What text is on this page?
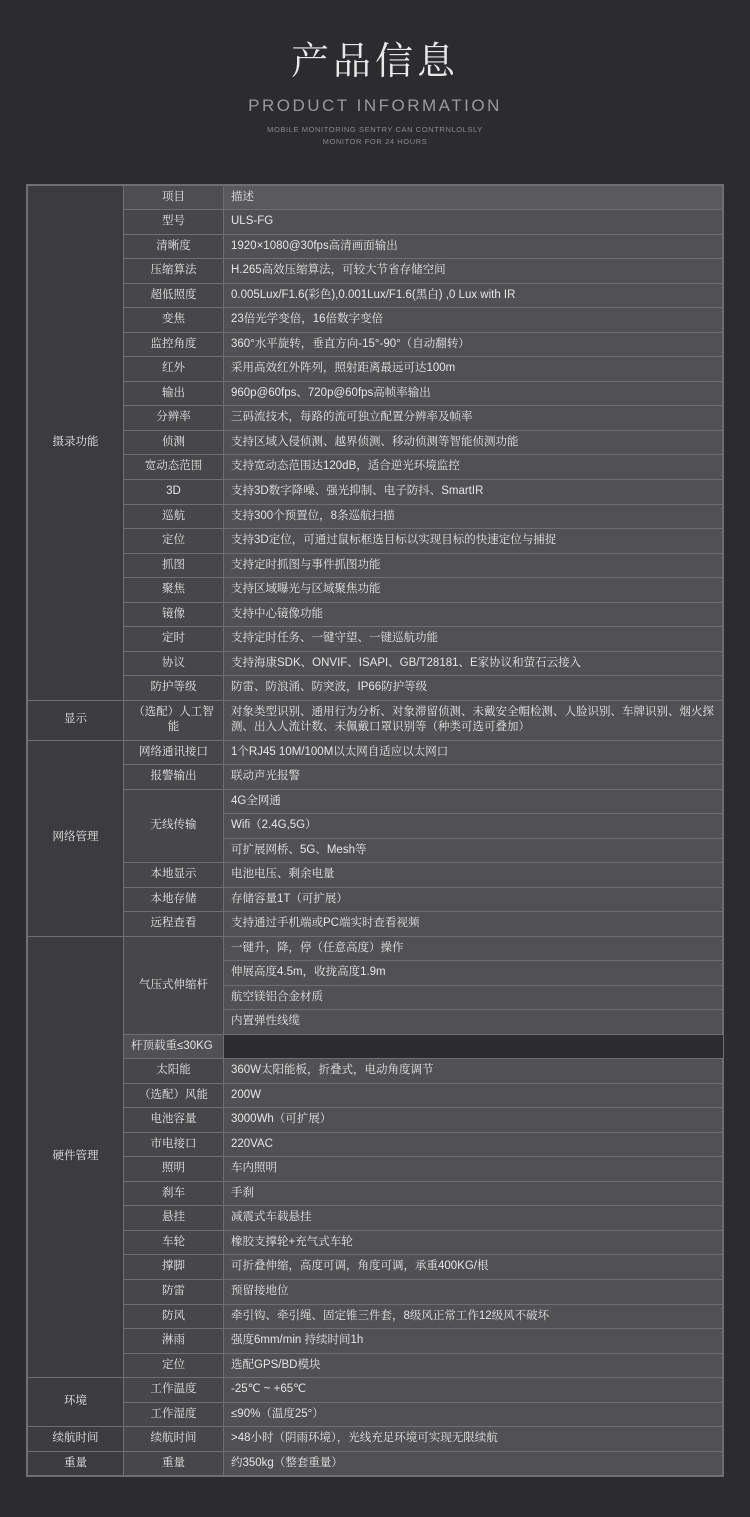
产品信息
PRODUCT INFORMATION
MOBILE MONITORING SENTRY CAN CONTRNLOLSLY
MONITOR FOR 24 HOURS
摄录功能	项目	描述
	型号	ULS-FG
	清晰度	1920×1080@30fps高清画面输出
	压缩算法	H.265高效压缩算法，可较大节省存储空间
	超低照度	0.005Lux/F1.6(彩色),0.001Lux/F1.6(黑白) ,0 Lux with IR
	变焦	23倍光学变倍，16倍数字变倍
	监控角度	360°水平旋转，垂直方向-15°-90°（自动翻转）
	红外	采用高效红外阵列，照射距离最远可达100m
	输出	960p@60fps、720p@60fps高帧率输出
	分辨率	三码流技术，每路的流可独立配置分辨率及帧率
	侦测	支持区域入侵侦测、越界侦测、移动侦测等智能侦测功能
	宽动态范围	支持宽动态范围达120dB，适合逆光环境监控
	3D	支持3D数字降噪、强光抑制、电子防抖、SmartIR
	巡航	支持300个预置位，8条巡航扫描
	定位	支持3D定位，可通过鼠标框选目标以实现目标的快速定位与捕捉
	抓图	支持定时抓图与事件抓图功能
	聚焦	支持区域曝光与区域聚焦功能
	镜像	支持中心镜像功能
	定时	支持定时任务、一键守望、一键巡航功能
	协议	支持海康SDK、ONVIF、ISAPI、GB/T28181、E家协议和萤石云接入
	防护等级	防雷、防浪涌、防突波，IP66防护等级
显示	（选配）人工智能	对象类型识别、通用行为分析、对象滞留侦测、未戴安全帽检测、人脸识别、车牌识别、烟火探测、出入人流计数、未佩戴口罩识别等（种类可选可叠加）
网络管理	网络通讯接口	1个RJ45 10M/100M以太网自适应以太网口
	报警输出	联动声光报警
	无线传输	4G全网通
		Wifi（2.4G,5G）
		可扩展网桥、5G、Mesh等
	本地显示	电池电压、剩余电量
	本地存储	存储容量1T（可扩展）
	远程查看	支持通过手机端或PC端实时查看视频
硬件管理	气压式伸缩杆	一键升，降，停（任意高度）操作
		伸展高度4.5m，收拢高度1.9m
		航空镁铝合金材质
		内置弹性线缆
	杆顶载重≤30KG	
	太阳能	360W太阳能板，折叠式，电动角度调节
	（选配）风能	200W
	电池容量	3000Wh（可扩展）
	市电接口	220VAC
	照明	车内照明
	刹车	手刹
	悬挂	减震式车载悬挂
	车轮	橡胶支撑轮+充气式车轮
	撑脚	可折叠伸缩，高度可调，角度可调，承重400KG/根
	防雷	预留接地位
	防风	牵引钩、牵引绳、固定锥三件套，8级风正常工作12级风不破坏
	淋雨	强度6mm/min 持续时间1h
	定位	选配GPS/BD模块
环境	工作温度	-25℃ ~ +65℃
	工作湿度	≤90%（温度25°）
续航时间	续航时间	>48小时（阴雨环境），光线充足环境可实现无限续航
重量	重量	约350kg（整套重量）
